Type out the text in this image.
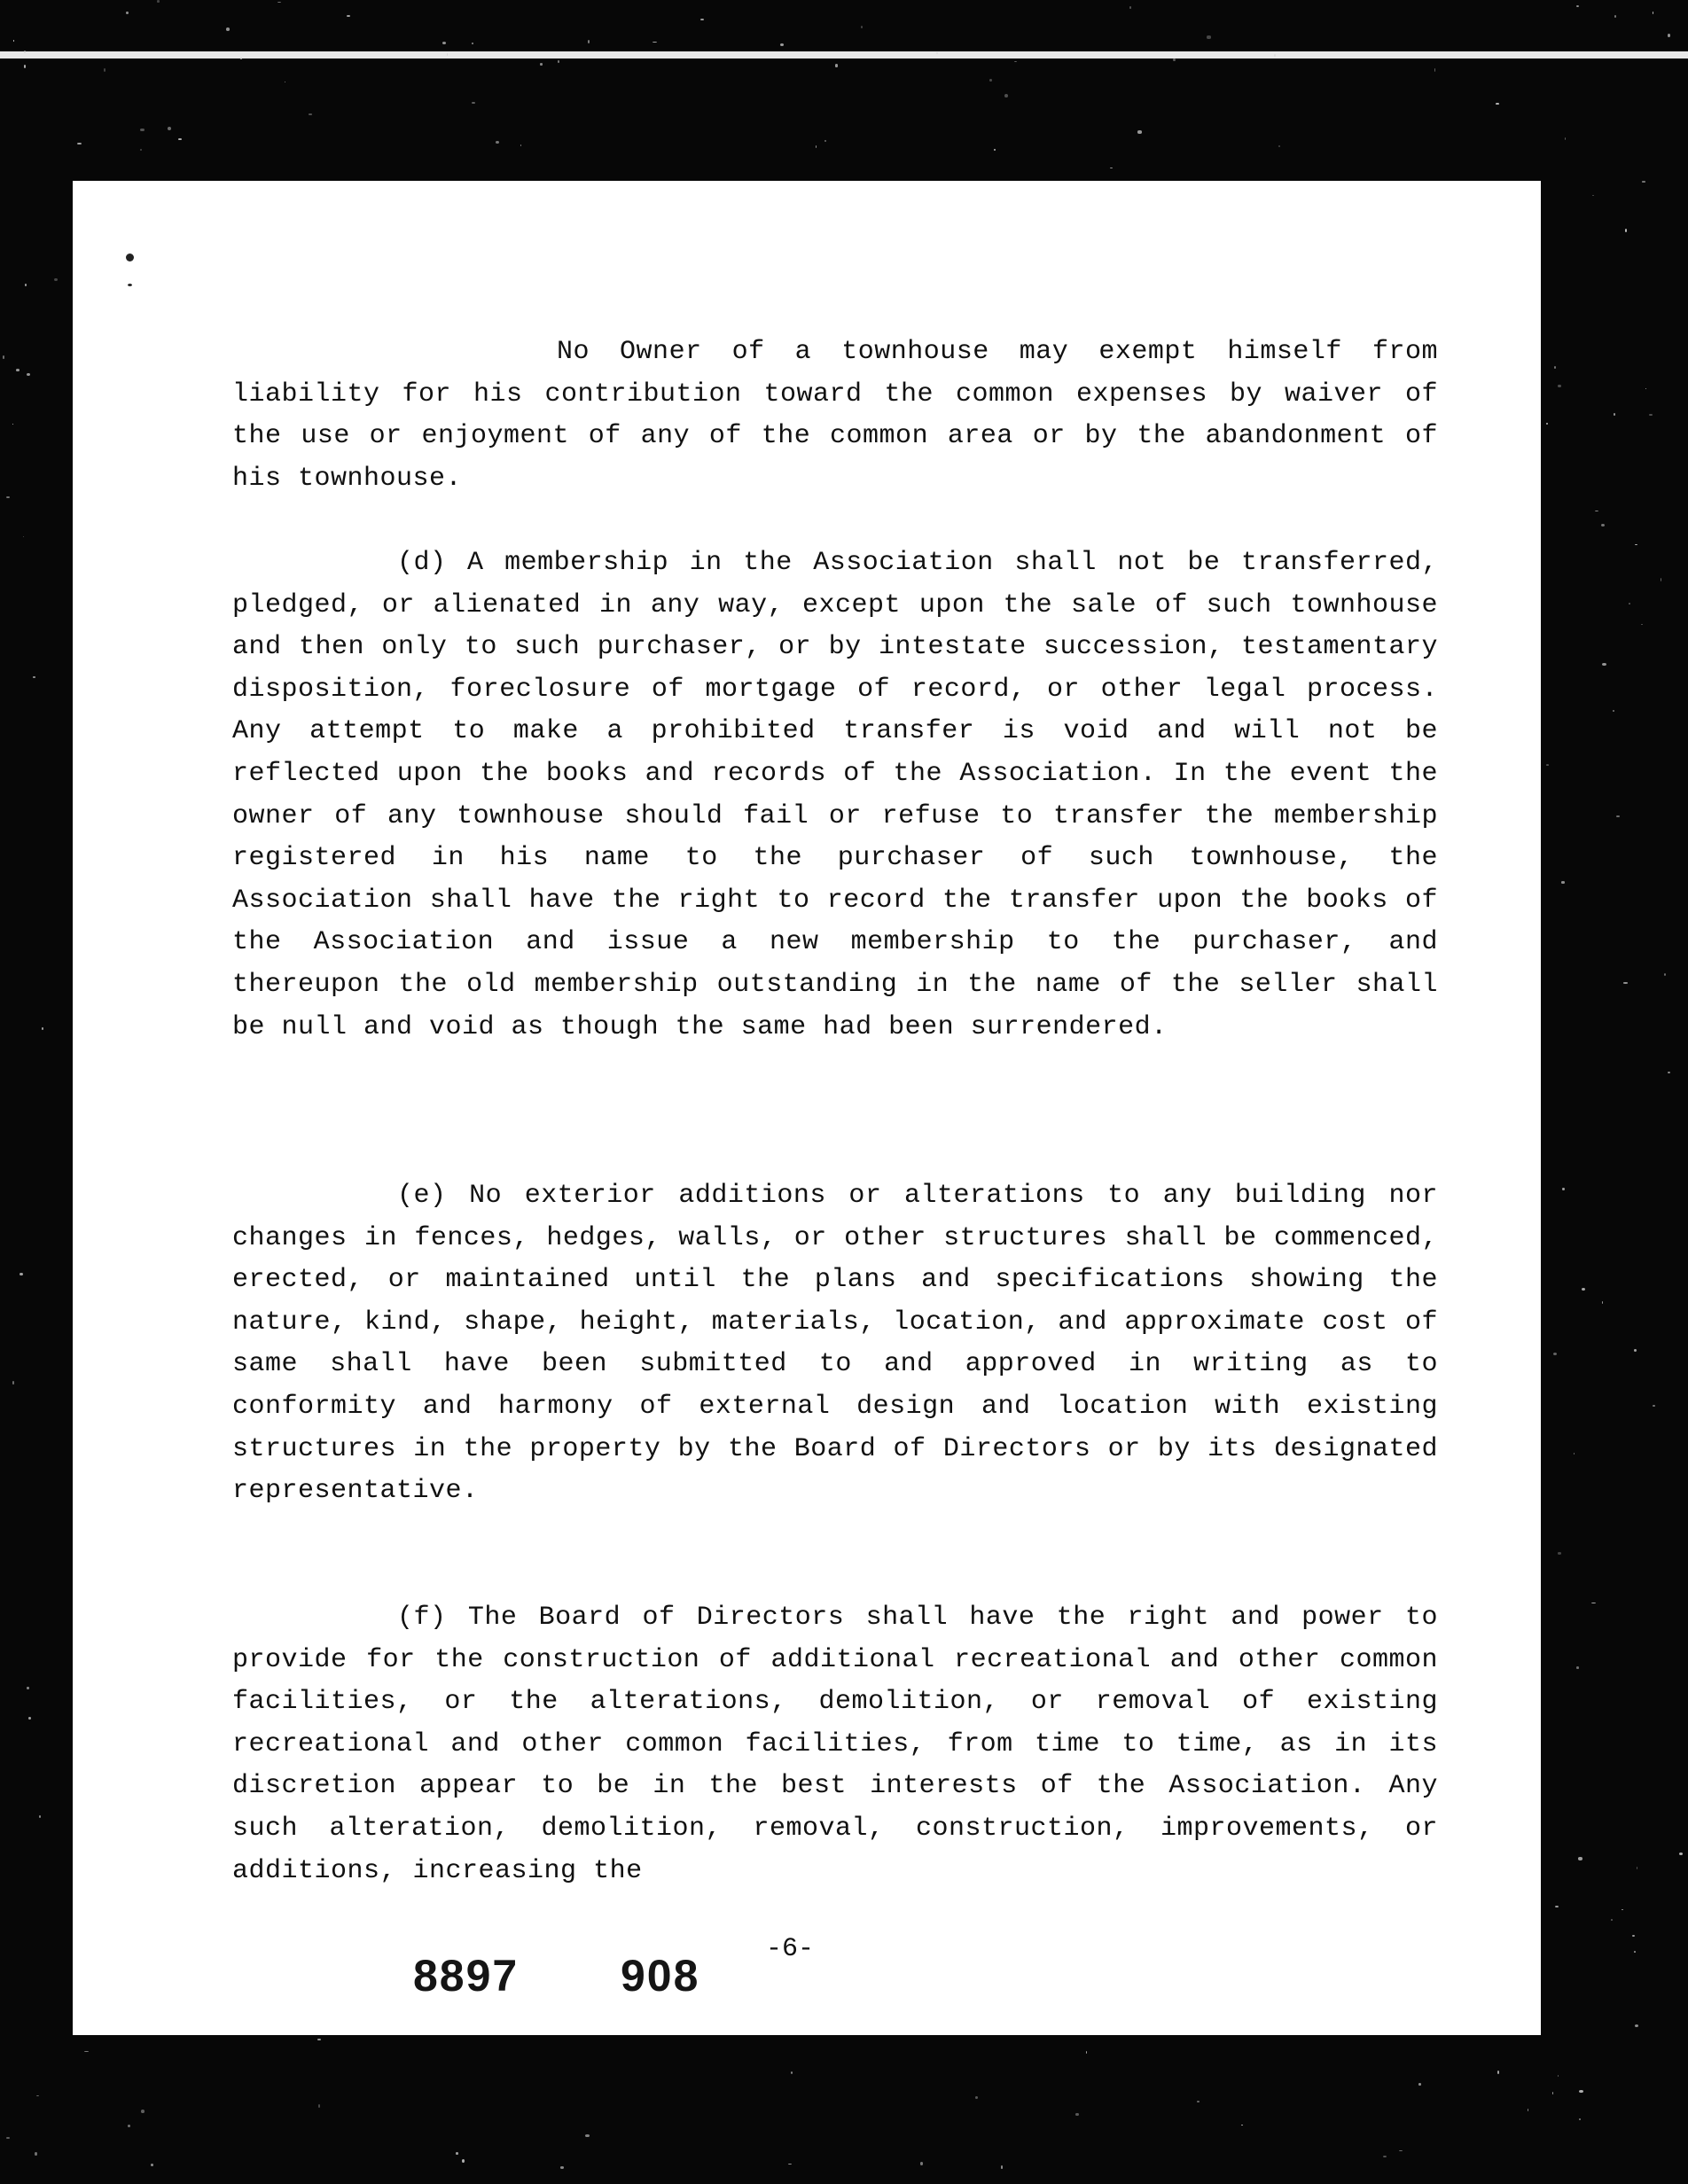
No Owner of a townhouse may exempt himself from liability for his contribution toward the common expenses by waiver of the use or enjoyment of any of the common area or by the abandonment of his townhouse.

(d) A membership in the Association shall not be transferred, pledged, or alienated in any way, except upon the sale of such townhouse and then only to such purchaser, or by intestate succession, testamentary disposition, foreclosure of mortgage of record, or other legal process. Any attempt to make a prohibited transfer is void and will not be reflected upon the books and records of the Association. In the event the owner of any townhouse should fail or refuse to transfer the membership registered in his name to the purchaser of such townhouse, the Association shall have the right to record the transfer upon the books of the Association and issue a new membership to the purchaser, and thereupon the old membership outstanding in the name of the seller shall be null and void as though the same had been surrendered.

(e) No exterior additions or alterations to any building nor changes in fences, hedges, walls, or other structures shall be commenced, erected, or maintained until the plans and specifications showing the nature, kind, shape, height, materials, location, and approximate cost of same shall have been submitted to and approved in writing as to conformity and harmony of external design and location with existing structures in the property by the Board of Directors or by its designated representative.

(f) The Board of Directors shall have the right and power to provide for the construction of additional recreational and other common facilities, or the alterations, demolition, or removal of existing recreational and other common facilities, from time to time, as in its discretion appear to be in the best interests of the Association. Any such alteration, demolition, removal, construction, improvements, or additions, increasing the

-6-
8897 908
